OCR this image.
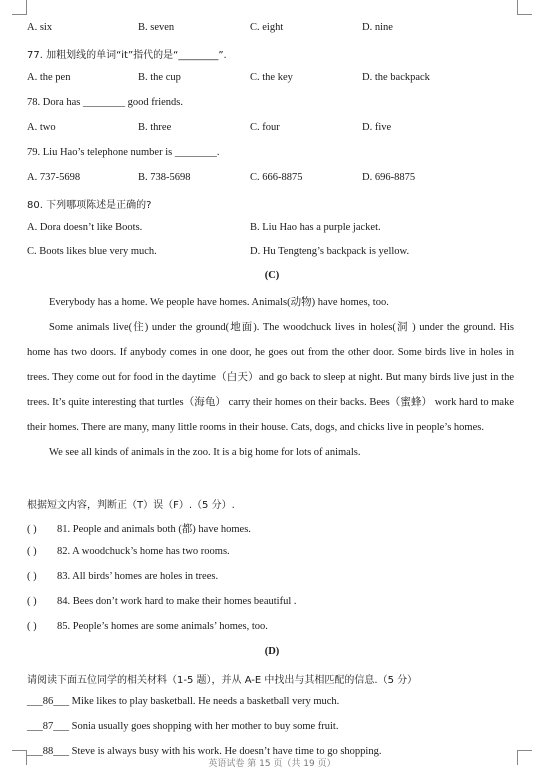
A. six	B. seven	C. eight	D. nine
77. 加粗划线的单词“it”指代的是“________”.
A. the pen	B. the cup	C. the key	D. the backpack
78. Dora has ________ good friends.
A. two	B. three	C. four	D. five
79. Liu Hao’s telephone number is ________.
A. 737-5698	B. 738-5698	C. 666-8875	D. 696-8875
80. 下列哪项陈述是正确的?
A. Dora doesn’t like Boots.	B. Liu Hao has a purple jacket.
C. Boots likes blue very much.	D. Hu Tengteng’s backpack is yellow.
(C)

Everybody has a home. We people have homes. Animals(动物) have homes, too.

Some animals live(住) under the ground(地面). The woodchuck lives in holes(洞 ) under the ground. His home has two doors. If anybody comes in one door, he goes out from the other door. Some birds live in holes in trees. They come out for food in the daytime（白天）and go back to sleep at night. But many birds live just in the trees. It’s quite interesting that turtles（海龟） carry their homes on their backs. Bees（蜜蜂） work hard to make their homes. There are many, many little rooms in their house. Cats, dogs, and chicks live in people’s homes.

We see all kinds of animals in the zoo. It is a big home for lots of animals.

根据短文内容，判断正（T）误（F）.（5 分）.
( ) 81. People and animals both (都) have homes.
( ) 82. A woodchuck’s home has two rooms.
( ) 83. All birds’ homes are holes in trees.
( ) 84. Bees don’t work hard to make their homes beautiful .
( ) 85. People’s homes are some animals’ homes, too.
(D)
请阅读下面五位同学的相关材料（1-5 题），并从 A-E 中找出与其相匹配的信息.（5 分）
___86___ Mike likes to play basketball. He needs a basketball very much.
___87___ Sonia usually goes shopping with her mother to buy some fruit.
___88___ Steve is always busy with his work. He doesn’t have time to go shopping.
英语试卷 第 15 页（共 19 页）
